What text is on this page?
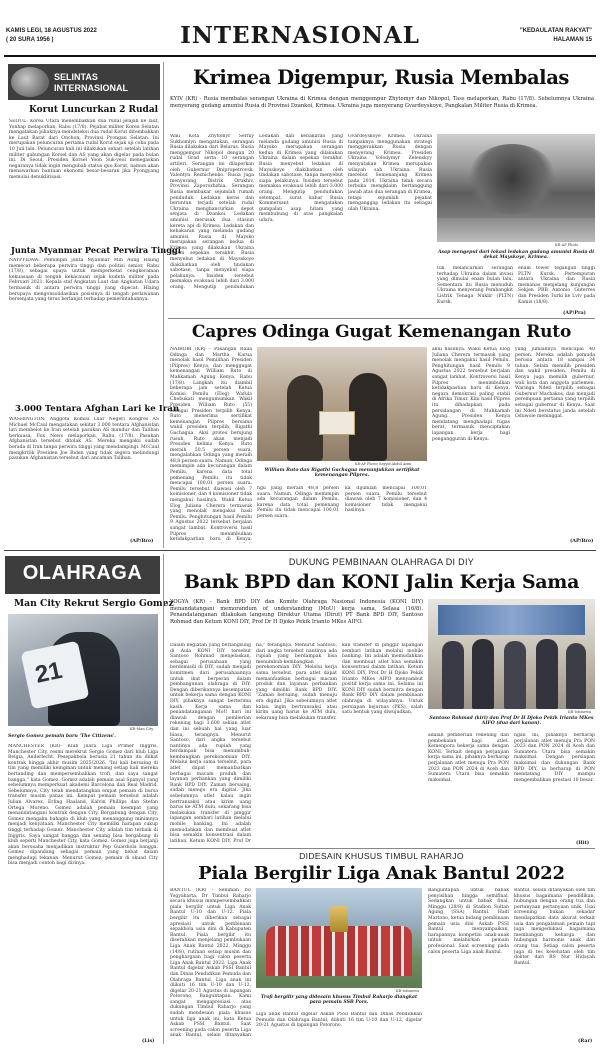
KAMIS LEGI, 18 AGUSTUS 2022
( 20 SURA 1956 )	INTERNASIONAL	"KEDAULATAN RAKYAT"
HALAMAN 15
SELINTAS INTERNASIONAL
Korut Luncurkan 2 Rudal
SEOUL: Korea Utara menembakkan dua rudal jelajah ke laut, Yonhap melaporkan, Rabu (17/8). Pejabat militer Korea Selatan mengatakan pihaknya mendeteksi dua rudal Korut ditembakkan ke Laut Barat dari Onchon, Provinsi Pyongan Selatan. Ini merupakan peluncuran pertama rudal Korut sejak uji coba pada 10 Juli lalu. Peluncuran kali ini dilakukan sehari setelah latihan militer gabungan Korsel dan AS yang akan digelar pada bulan ini. Di Seoul, Presiden Korsel Yoon Suk-yeol menegaskan negaranya tidak ingin mengubah status quo Korut, namun akan menawarkan bantuan ekonomi besar-besaran jika Pyongyang memulai denuklirisasi.
Junta Myanmar Pecat Perwira Tinggi
NAYPYIDAW: Pemimpin junta Myanmar Min Aung Hlaing memecat beberapa perwira tinggi dan politisi senior, Rabu (17/8), sebagai upaya untuk memperketat cengkeraman kekuasaan di tengah kekacauan sejak kudeta militer pada Februari 2021. Kepala staf Angkatan Laut dan Angkatan Udara termasuk di antara perwira tinggi yang dipecat. Hlaing berupaya mengonsolidasikan posisinya di tengah perlawanan bersenjata yang terus berlanjut terhadap pemerintahannya.
3.000 Tentara Afghan Lari ke Iran
WASHINGTON: Anggota Komisi Luar Negeri Kongres AS Michael McCaul mengatakan sekitar 3.000 tentara Afghanistan lari membelot ke Iran setelah pasukan AS mundur dan Taliban berkuasa, Fox News melaporkan, Rabu (17/8). Pasukan Afghanistan tersebut ditolak AS. Mereka mengaku sudah berada di Iran tanpa perwira tinggi yang mendampingi. McCaul mengkritik Presiden Joe Biden yang tidak segera melindungi pasukan Afghanistan tersebut dari ancaman Taliban.
(AP/Bro)
Krimea Digempur, Rusia Membalas
KYIV (KR) - Rusia membalas serangan Ukraina di Krimea dengan menggempur Zhytomyr dan Nikopol, Tass melaporkan, Rabu (17/8). Sebelumnya Ukraina menyerang gudang amunisi Rusia di Provinsi Dzankoi, Krimea. Ukraina juga menyerang Gvardeyskoye, Pangkalan Militer Rusia di Krimea.
Wali Kota Zhytomyr Serhiy Sukhomlyn mengatakan, serangan Rusia dilakukan dari Belarus. Rusia menggempur Nikopol dengan 20 rudal Grad serta 10 serangan artileri. Serangan ini dilaporkan oleh Gubernur Dnipropetrovsk, Valentyn Reznichenko. Rusia juga menyerang Distrik Orukhiv, Provinsi Zaporozhzhia. Serangan Rusia membakar sejumlah rumah penduduk. Ledakan keras dan beruntun terjadi setelah rudal Ukraina menghancurkan depot senjata di Dzankoi. Ledakan amunisi merusak dua stasiun kereta api di Krimea. Ledakan dan kebakaran yang melanda gudang amunisi Rusia di Maysko merupakan serangan kedua di Krimea yang dilakukan Ukraina dalam sepekan terakhir. Rusia menyebut ledakan di Maysskoye diakibatkan oleh tindakan sabotase, tanpa menyebut siapa pelakunya. Insiden tersebut memaksa evakuasi lebih dari 3.000 orang. Mengutip pendudukan
Ledakan dan kebakaran yang melanda gudang amunisi Rusia di Maysko merupakan serangan kedua di Krimea yang dilakukan Ukraina dalam sepekan terakhir. Rusia menyebut ledakan di Maysskoye diakibatkan oleh tindakan sabotase, tanpa menyebut siapa pelakunya. Insiden tersebut memaksa evakuasi lebih dari 3.000 orang. Mengutip pendudukan setempat, surat kabar Rusia Kommersant mengatakan gumpalan asap hitam yang membubung di atas pangkalan udara.
Gvardeyskoye Krimea. Ukraina tampaknya menggunakan strategi menggerakkan Rusia dengan menyerang Krimea. Presiden Ukraina Volodymyr Zelenskyy menyatakan Krimea merupakan wilayah sah Ukraina. Rusia merebut Semenanjung Krimea pada 2014. Ukraina tidak secara terbuka mengklaim bertanggung jawab atas dua serangan di Krimea, tetapi sejumlah pejabat menganggap ledakan itu sebagai ulah Ukraina.
KR-AP Photo
Asap mengepul dari lokasi ledakan gudang amunisi Rusia di dekat Mayskoye, Krimea.
tuk melancarkan serangan terhadap Ukraina dalam invasi yang dimulai enam bulan lalu. Sementara itu Rusia menuduh Ukraina menyerang Pembangkit Listrik Tenaga Nuklir (PLTN) Kursk.
enam tower tegangan tinggi PLTN Kursk. Pertempuran antara Ukraina dan Rusia memanas menjelang kunjungan Sekjen PBB Antonio Guterres dan Presiden Turki ke Lviv pada Kamis (18/8).
(AP/Pra)
Capres Odinga Gugat Kemenangan Ruto
NAIROBI (KR) - Pasangan Raila Odinga dan Martha Karua menolak hasil Pemilihan Presiden (Pilpres) Kenya, dan menggugat kemenangan William Ruto di Mahkamah Agung Kenya, Rabu (17/8). Langkah itu diambil beberapa jam setelah Ketua Komisi Pemilu (Elog) Wafula Chebukati mengumumkan Wakil Presiden William Ruto (55) sebagai Presiden terpilih Kenya. Ruto menerima sertifikat kemenangan Pilpres bersama wakil presiden terpilih, Rigathi Gachagua. Aksi protes berujung rusuh, Ruto akan menjadi Presiden kelima Kenya. Ruto meraih 50,5 persen suara, mengalahkan Odinga yang meraih 48,8 persen suara. Namun, Odinga memimpin ada kecurangan dalam Pemilu, karena data total pemenang Pemilu itu tidak mencapai 100,01 persen suara. Pemilu tersebut diawasi oleh 7 komisioner, dan 4 komisioner tidak mengakui hasilnya. Wakil Ketua Elog Juliana Cherera termasuk yang menolak mengakui hasil Pemilu. Penghitungan hasil Pemilu 9 Agustus 2022 tersebut berjalan sangat lambat. Kontroversi hasil Pilpres menimbulkan ketidakpastian baru di Kenya,
KR-AP Photo/ Sayyid Abdul Azim
William Ruto dan Rigathi Gachagua menunjukkan sertifikat kemenangan Pilpres.
ngu yang meraih 48,8 persen suara. Namun, Odinga memimpin ada kecurangan dalam Pemilu, karena data total pemenang Pemilu itu tidak mencapai 100,01 persen suara.
ka dijumlah mencapai 100,01 persen suara. Pemilu tersebut diawasi oleh 7 komisioner, dan 4 komisioner tidak mengakui hasilnya.
akui hasilnya. Wakil Ketua Elog Juliana Cherera termasuk yang menolak mengakui hasil Pemilu. Penghitungan hasil Pemilu 9 Agustus 2022 tersebut berjalan sangat lambat. Kontroversi hasil Pilpres menimbulkan ketidakpastian baru di Kenya, negara demokrasi paling stabil di Afrika Timur. Kini hasil Pilpres itu dihadapkan pada persidangan di Mahkamah Agung. Presiden Kenya mendatang menghadapi tugas berat, termasuk menciptakan lapangan kerja bagi pengangguran di Kenya.
yang jumlahnya mencapai 40 persen. Mereka adalah pemuda berusia antara 18 sampai 34 tahun. Selain memilih presiden dan wakil presiden, Pemilu di Kenya juga memilih gubernur, wali kota dan anggota parlemen. Waringa Ndeti terpilih sebagai Gubernur Machakos, dan menjadi perempuan pertama yang terpilih sebagai gubernur di Kenya. Saat ini Ndeti berstatus janda setelah Oduwole meninggal.
(AP/Bro)
OLAHRAGA
Man City Rekrut Sergio Gomez
21
KR-Man City
Sergio Gomez pemain baru 'The Citizens'.
MANCHESTER (KR)- Klub juara Liga Primer Inggris, Manchester City, resmi merekrut Sergio Gomez dari klub Liga Belgia, Anderlecht. Pesepakbola berusia 21 tahun itu diikat kontrak hingga akhir musim 2025/2026. "Ini kali bersaing di tim yang memiliki keinginan untuk menang setiap kali mereka bertanding dan mempersembahkan trofi, dan saya sangat bangga," kata Gomez. Gomez adalah pemain asal Spanyol yang sebelumnya memperkuat akademi Barcelona dan Real Madrid. Sebelumnya, City telah mendatangkan empat pemain di bursa transfer musim panas ini. Kempat pemain tersebut adalah Julian Alvarez, Erling Haaland, Kalvin Phillips dan Stefan Ortega Moreno. Gomez adalah pemain keempat yang menandatangani kontrak dengan City. Bergabung dengan City, Gomez mengaku bahagia di klub yang menanggung minimnya menjadi kenyataan. Manchester City memiliki harapan cukup tinggi terhadap Gomez. Manchester City adalah tim terbaik di Inggris. Saya sangat bangga dan senang bisa bergabung di klub seperti Manchester City, kata Gomez. Gomez juga berjanji akan berusaha menjadikan instruktur Pep Guardiola bangga. Gomez dipandang sebagai pemain yang hebat dalam menghadapi tekanan. Menurut Gomez, pemain di skuad City bisa menjadi contoh bagi dirinya.
(Lis)
DUKUNG PEMBINAAN OLAHRAGA DI DIY
Bank BPD dan KONI Jalin Kerja Sama
YOGYA (KR) - Bank BPD DIY dan Komite Olahraga Nasional Indonesia (KONI DIY) menandatangani memorandum of understanding (MoU) kerja sama, Selasa (16/8). Penandatanganan dilakukan langsung Direktur Utama (Dirut) PT Bank BPD DIY, Santoso Rohmad dan Ketum KONI DIY, Prof Dr H Djoko Pekik Irianto MKes AIFO.
KR-Istimewa
Santoso Rohmad (kiri) dan Prof Dr H Djoko Pekik Irianto MKes AIFO (dua dari kanan).
Dalam kegiatan yang berlangsung di Aula KONI DIY tersebut Santoso Rohmad menjelaskan, sebagai perusahaan yang berdomisili di DIY, sudah menjadi komitmen dari perusahaannya untuk ikut berperan dalam pembangunan olahraga di DIY. Dengan diberikannya kesempatan untuk bekerja sama dengan KONI DIY, pihaknya sangat berterima kasih. Kerja sama dan penandatanganan MoU hari ini diawali dengan pemberian rekening bagi 3.600 sekian atlet dan ini sebuah hal yang luar biasa, terangnya. Menurut Santoso, dari angka tersebut nantinya ada rupiah yang berdampak bisa menumbuh-kembangkan perekonomian DIY. Melalui kerja sama tersebut, para atlet dapat memanfaatkan berbagai macam produk dan layanan perbankan yang dimiliki Bank BPD DIY. Zaman bersaing, sudah menuju era digital. Jika sebelumnya atlet kalau ingin bertransaksi atau kirim uang harus ke ATM dulu, sekarang bisa melakukan transfer di pinggir lapangan sembari latihan melalui mobile banking. Ini adalah memudahkan dan membuat atlet bisa semakin konsentrasi dalam latihan. Ketum KONI DIY, Prof Dr
ha," terangnya. Menurut Santoso, dari angka tersebut nantinya ada rupiah yang berdampak bisa menumbuh-kembangkan perekonomian DIY. Melalui kerja sama tersebut, para atlet dapat memanfaatkan berbagai macam produk dan layanan perbankan yang dimiliki Bank BPD DIY. "Zaman bersaing, sudah menuju era digital. Jika sebelumnya atlet kalau ingin bertransaksi atau kirim uang harus ke ATM dulu, sekarang bisa melakukan transfer.
kan transfer di pinggir lapangan sembari latihan melalui mobile banking. Ini adalah memudahkan dan membuat atlet bisa semakin konsentrasi dalam latihan. Ketum KONI DIY, Prof Dr H Djoko Pekik Irianto MKes AIFO menyambut positif kerja sama ini. Selama ini KONI DIY sudah bermitra dengan Bank BPD DIY dalam pembinaan olahraga di wilayahnya. Untuk persiapan kejurnas (PKS), salah satu bentuk yang diwujudkan.
adalah pemberian rekening dan pembekalan bagi atlet. Kemenpora bekerja sama dengan KONI. Terkait dengan perjanjian kerja sama ini, pihaknya berharap perjalanan atlet menuju Pra PON 2023 dan PON 2024 di Aceh dan Sumatera Utara bisa semakin maksimal.
ngan ini, pihaknya berharap perjalanan atlet menuju Pra PON 2023 dan PON 2024 di Aceh dan Sumatera Utara bisa semakin maksimal. Dengan persiapan maksimal dan dukungan Bank BPD DIY, ia berharap di PON mendatang DIY mampu mengembalikan prestasi 10 besar.
(Hit)
DIDESAIN KHUSUS TIMBUL RAHARJO
Piala Bergilir Liga Anak Bantul 2022
BANTUL (KR) - Seniman ISI Yogyakarta, Dr Timbul Raharjo secara khusus mempersembahkan piala bergilir untuk Liga Anak Bantul U-10 dan U-12. Piala bergilir itu diberikan sebagai apresiasi untuk pembinaan sepakbola usia dini di Kabupaten Bantul. Piala bergilir itu diserahkan menjelang pembukaan Liga Anak Bantul 2022, Minggu (14/8), rutinan setiap musim dan penghargaan bagi calon peserta Liga Anak Bantul 2022. Liga Anak Bantul digelar Askab PSSI Bantul dan Dinas Pendidikan Pemuda dan Olahraga Bantul. Liga anak ini diikuti 16 tim U-10 dan U-12, digelar 20-21 Agustus di lapangan Potorono, Banguntapan. Kami sangat mengapresiasi atas dukungan Timbul Raharjo yang sudah mendesain piala khusus untuk liga anak ini, kata Ketua Askab PSSI Bantul. Saat screening pada calon peserta Liga anak Bantul, selain ditanyakan
KR-Istimewa
Trofi bergilir yang didesain khusus Timbul Raharjo diangkat para pemain SSB Pors.
Liga anak Bantul digelar Askab PSSI Bantul dan Dinas Pendidikan Pemuda dan Olahraga Bantul, diikuti 16 tim U-10 dan U-12, digelar 20-21 Agustus di lapangan Potorono.
Banguntapan untuk babak penyisihan hingga semifinal. Sedangkan untuk babak final, Minggu (28/8) di Stadion Sultan Agung (SSA) Bantul. Hadi Martono, ketua bidang pembinaan pemain usia dini Askab PSSI Bantul menyampaikan, harapannya kompetisi anak-anak untuk melahirkan pemain profesional. Saat screening pada calon peserta Liga anak Bantul.
Bantul, selain ditanyakan oleh tim khusus bagaimana pendidikan, hubungan dengan orang tua dan pertanyaan pertanyaan unik. Usai screening bukan sekadar mendapatkan data akurat terkait usia dan pengalaman pemain tapi juga mengedukasi bagaimana membangun keharga dan hubungan harmonis anak dan orang tua. Setiap calon peserta juga di tes kesehatan oleh tim dokter dari RS Nur Hidayah Bantul.
(Rar)
